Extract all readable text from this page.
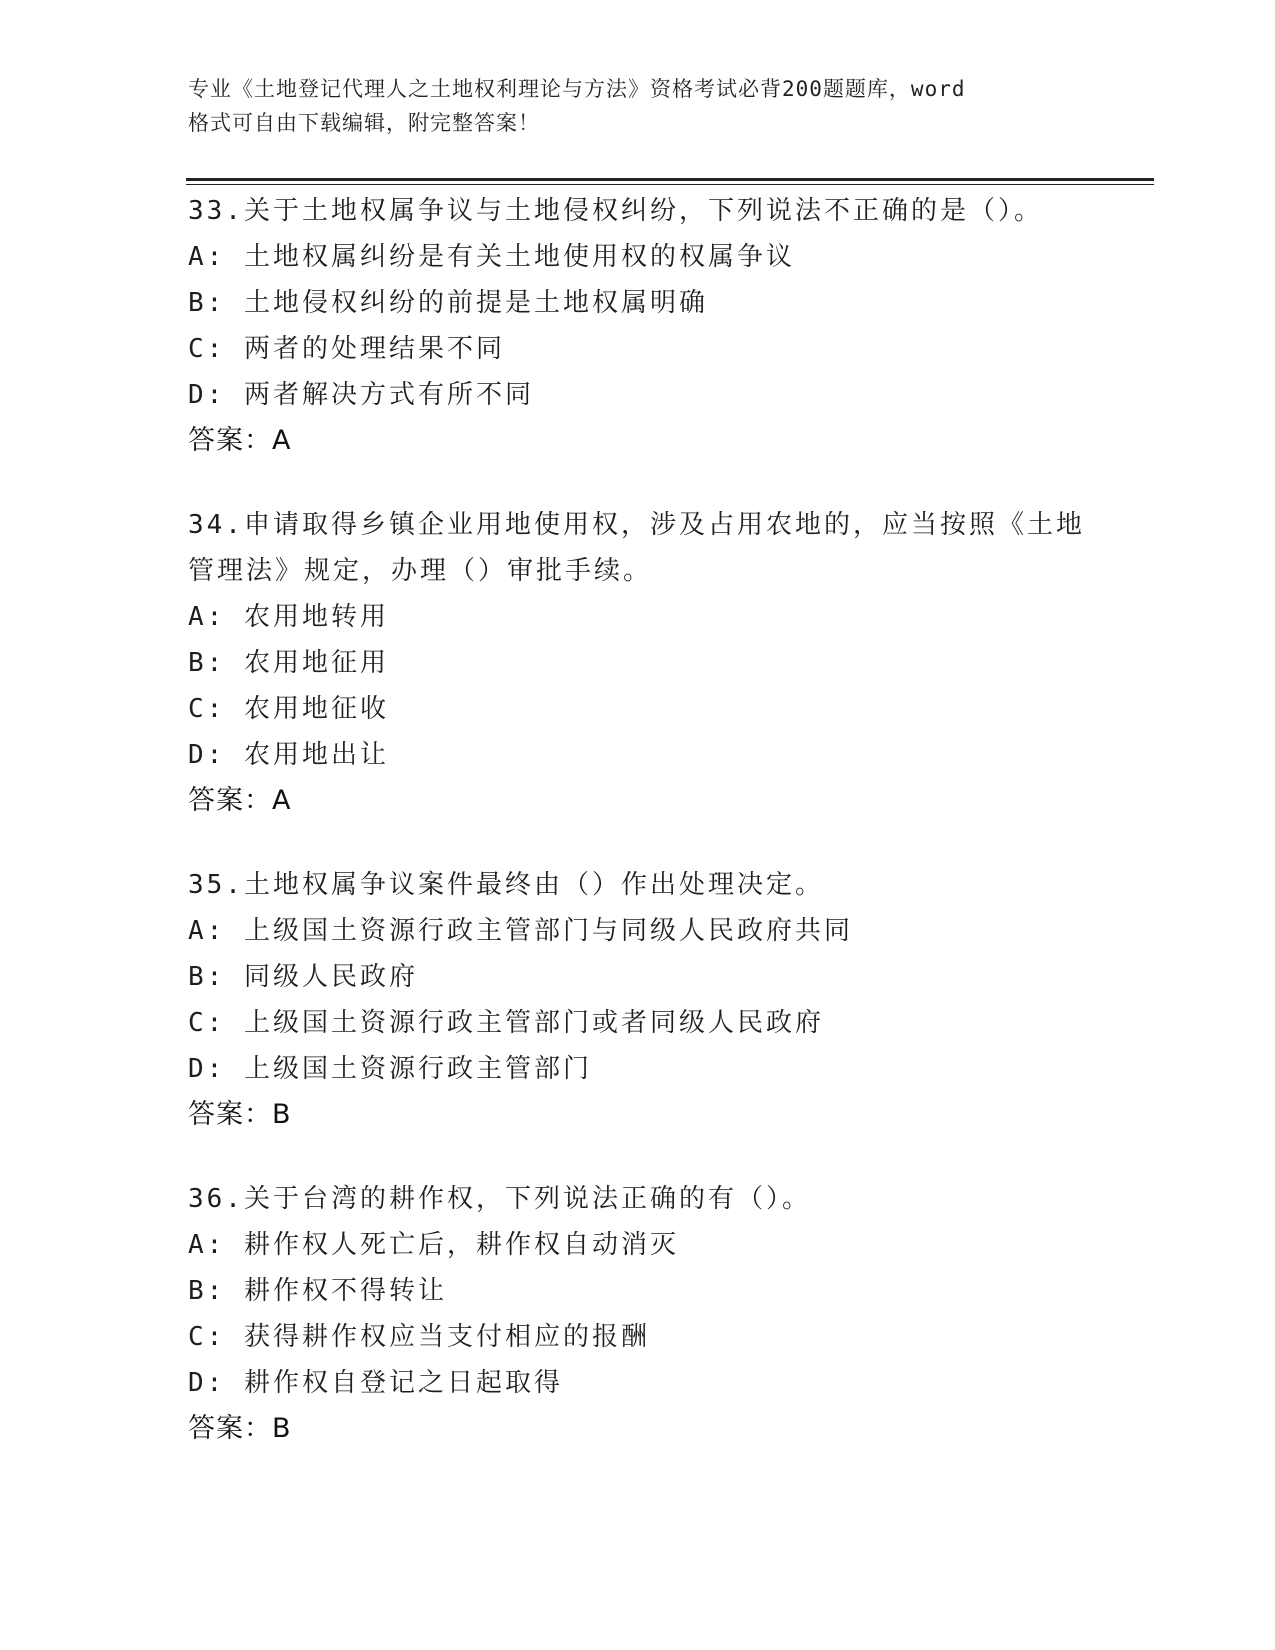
专业《土地登记代理人之土地权利理论与方法》资格考试必背200题题库，word
格式可自由下载编辑，附完整答案！

33.关于土地权属争议与土地侵权纠纷，下列说法不正确的是（）。

A: 土地权属纠纷是有关土地使用权的权属争议

B: 土地侵权纠纷的前提是土地权属明确

C: 两者的处理结果不同

D: 两者解决方式有所不同

答案：A

34.申请取得乡镇企业用地使用权，涉及占用农地的，应当按照《土地管理法》规定，办理（）审批手续。

A: 农用地转用

B: 农用地征用

C: 农用地征收

D: 农用地出让

答案：A

35.土地权属争议案件最终由（）作出处理决定。

A: 上级国土资源行政主管部门与同级人民政府共同

B: 同级人民政府

C: 上级国土资源行政主管部门或者同级人民政府

D: 上级国土资源行政主管部门

答案：B

36.关于台湾的耕作权，下列说法正确的有（）。

A: 耕作权人死亡后，耕作权自动消灭

B: 耕作权不得转让

C: 获得耕作权应当支付相应的报酬

D: 耕作权自登记之日起取得

答案：B
